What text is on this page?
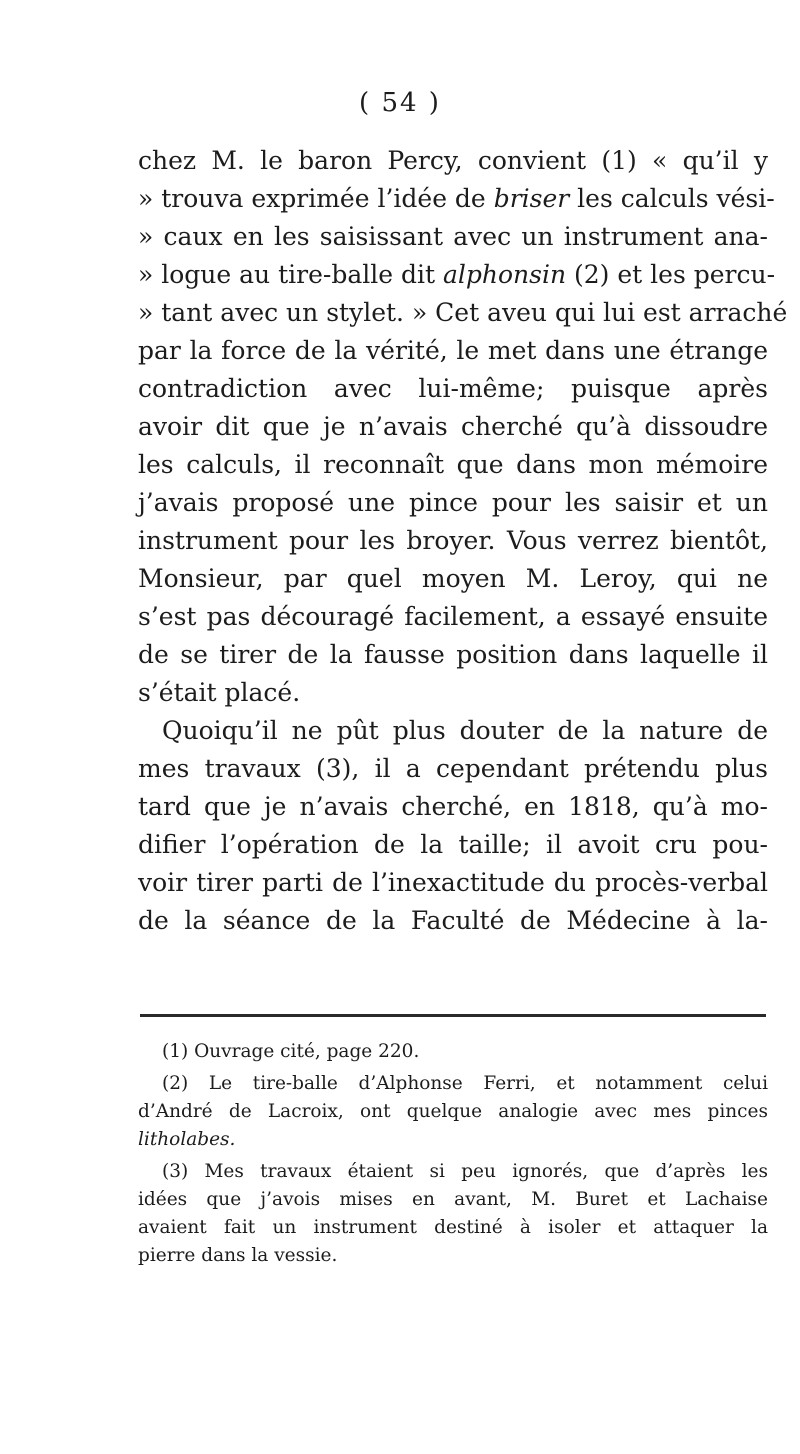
( 54 )
chez M. le baron Percy, convient (1) « qu’il y
» trouva exprimée l’idée de briser les calculs vési-
» caux en les saisissant avec un instrument ana-
» logue au tire-balle dit alphonsin (2) et les percu-
» tant avec un stylet. » Cet aveu qui lui est arraché
par la force de la vérité, le met dans une étrange
contradiction avec lui-même; puisque après
avoir dit que je n’avais cherché qu’à dissoudre
les calculs, il reconnaît que dans mon mémoire
j’avais proposé une pince pour les saisir et un
instrument pour les broyer. Vous verrez bientôt,
Monsieur, par quel moyen M. Leroy, qui ne
s’est pas découragé facilement, a essayé ensuite
de se tirer de la fausse position dans laquelle il
s’était placé.
Quoiqu’il ne pût plus douter de la nature de
mes travaux (3), il a cependant prétendu plus
tard que je n’avais cherché, en 1818, qu’à mo-
difier l’opération de la taille; il avoit cru pou-
voir tirer parti de l’inexactitude du procès-verbal
de la séance de la Faculté de Médecine à la-
(1) Ouvrage cité, page 220.
(2) Le tire-balle d’Alphonse Ferri, et notamment celui
d’André de Lacroix, ont quelque analogie avec mes pinces
litholabes.
(3) Mes travaux étaient si peu ignorés, que d’après les
idées que j’avois mises en avant, M. Buret et Lachaise
avaient fait un instrument destiné à isoler et attaquer la
pierre dans la vessie.
